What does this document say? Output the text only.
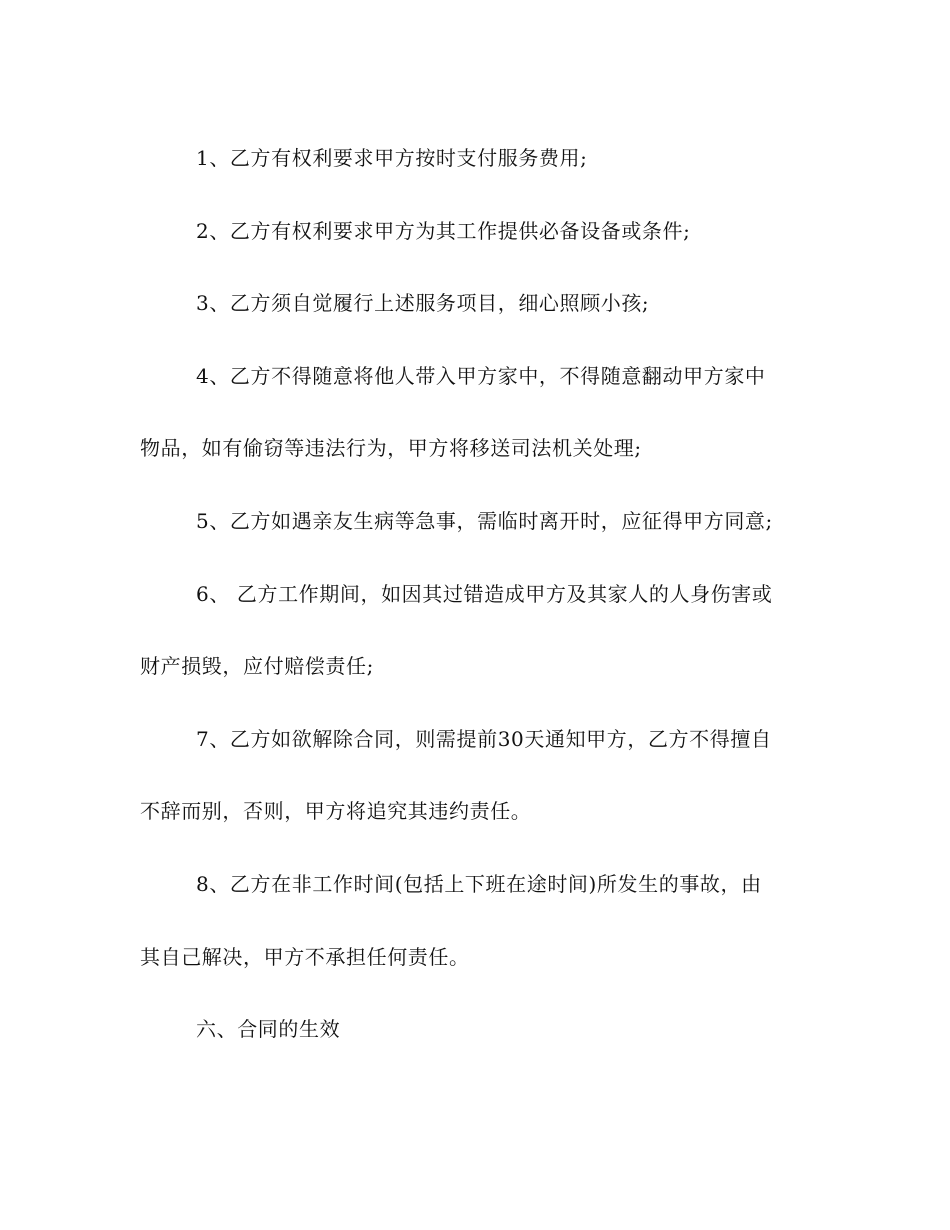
1、乙方有权利要求甲方按时支付服务费用;
2、乙方有权利要求甲方为其工作提供必备设备或条件;
3、乙方须自觉履行上述服务项目，细心照顾小孩;
4、乙方不得随意将他人带入甲方家中，不得随意翻动甲方家中
物品，如有偷窃等违法行为，甲方将移送司法机关处理;
5、乙方如遇亲友生病等急事，需临时离开时，应征得甲方同意;
6、 乙方工作期间，如因其过错造成甲方及其家人的人身伤害或
财产损毁，应付赔偿责任;
7、乙方如欲解除合同，则需提前30天通知甲方，乙方不得擅自
不辞而别，否则，甲方将追究其违约责任。
8、乙方在非工作时间(包括上下班在途时间)所发生的事故，由
其自己解决，甲方不承担任何责任。
六、合同的生效
